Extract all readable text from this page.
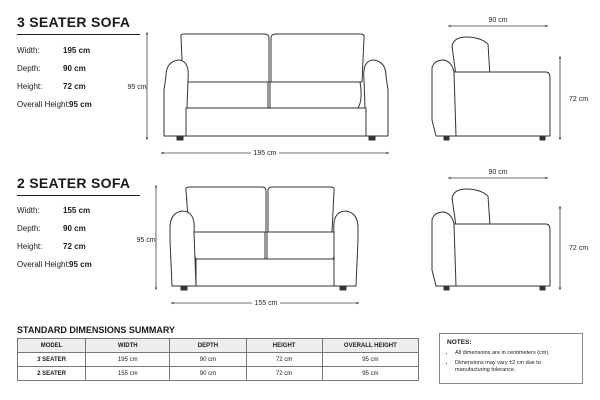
3 SEATER SOFA
Width:	195 cm
Depth:	90 cm
Height:	72 cm
Overall Height: 95 cm
2 SEATER SOFA
Width:	155 cm
Depth:	90 cm
Height:	72 cm
Overall Height: 95 cm
95 cm
195 cm
90 cm
72 cm
95 cm
155 cm
90 cm
72 cm
STANDARD DIMENSIONS SUMMARY
MODEL	WIDTH	DEPTH	HEIGHT	OVERALL HEIGHT
3 SEATER	195 cm	90 cm	72 cm	95 cm
2 SEATER	155 cm	90 cm	72 cm	95 cm
NOTES:
• All dimensions are in centimeters (cm).
• Dimensions may vary ±2 cm due to manufacturing tolerance.
